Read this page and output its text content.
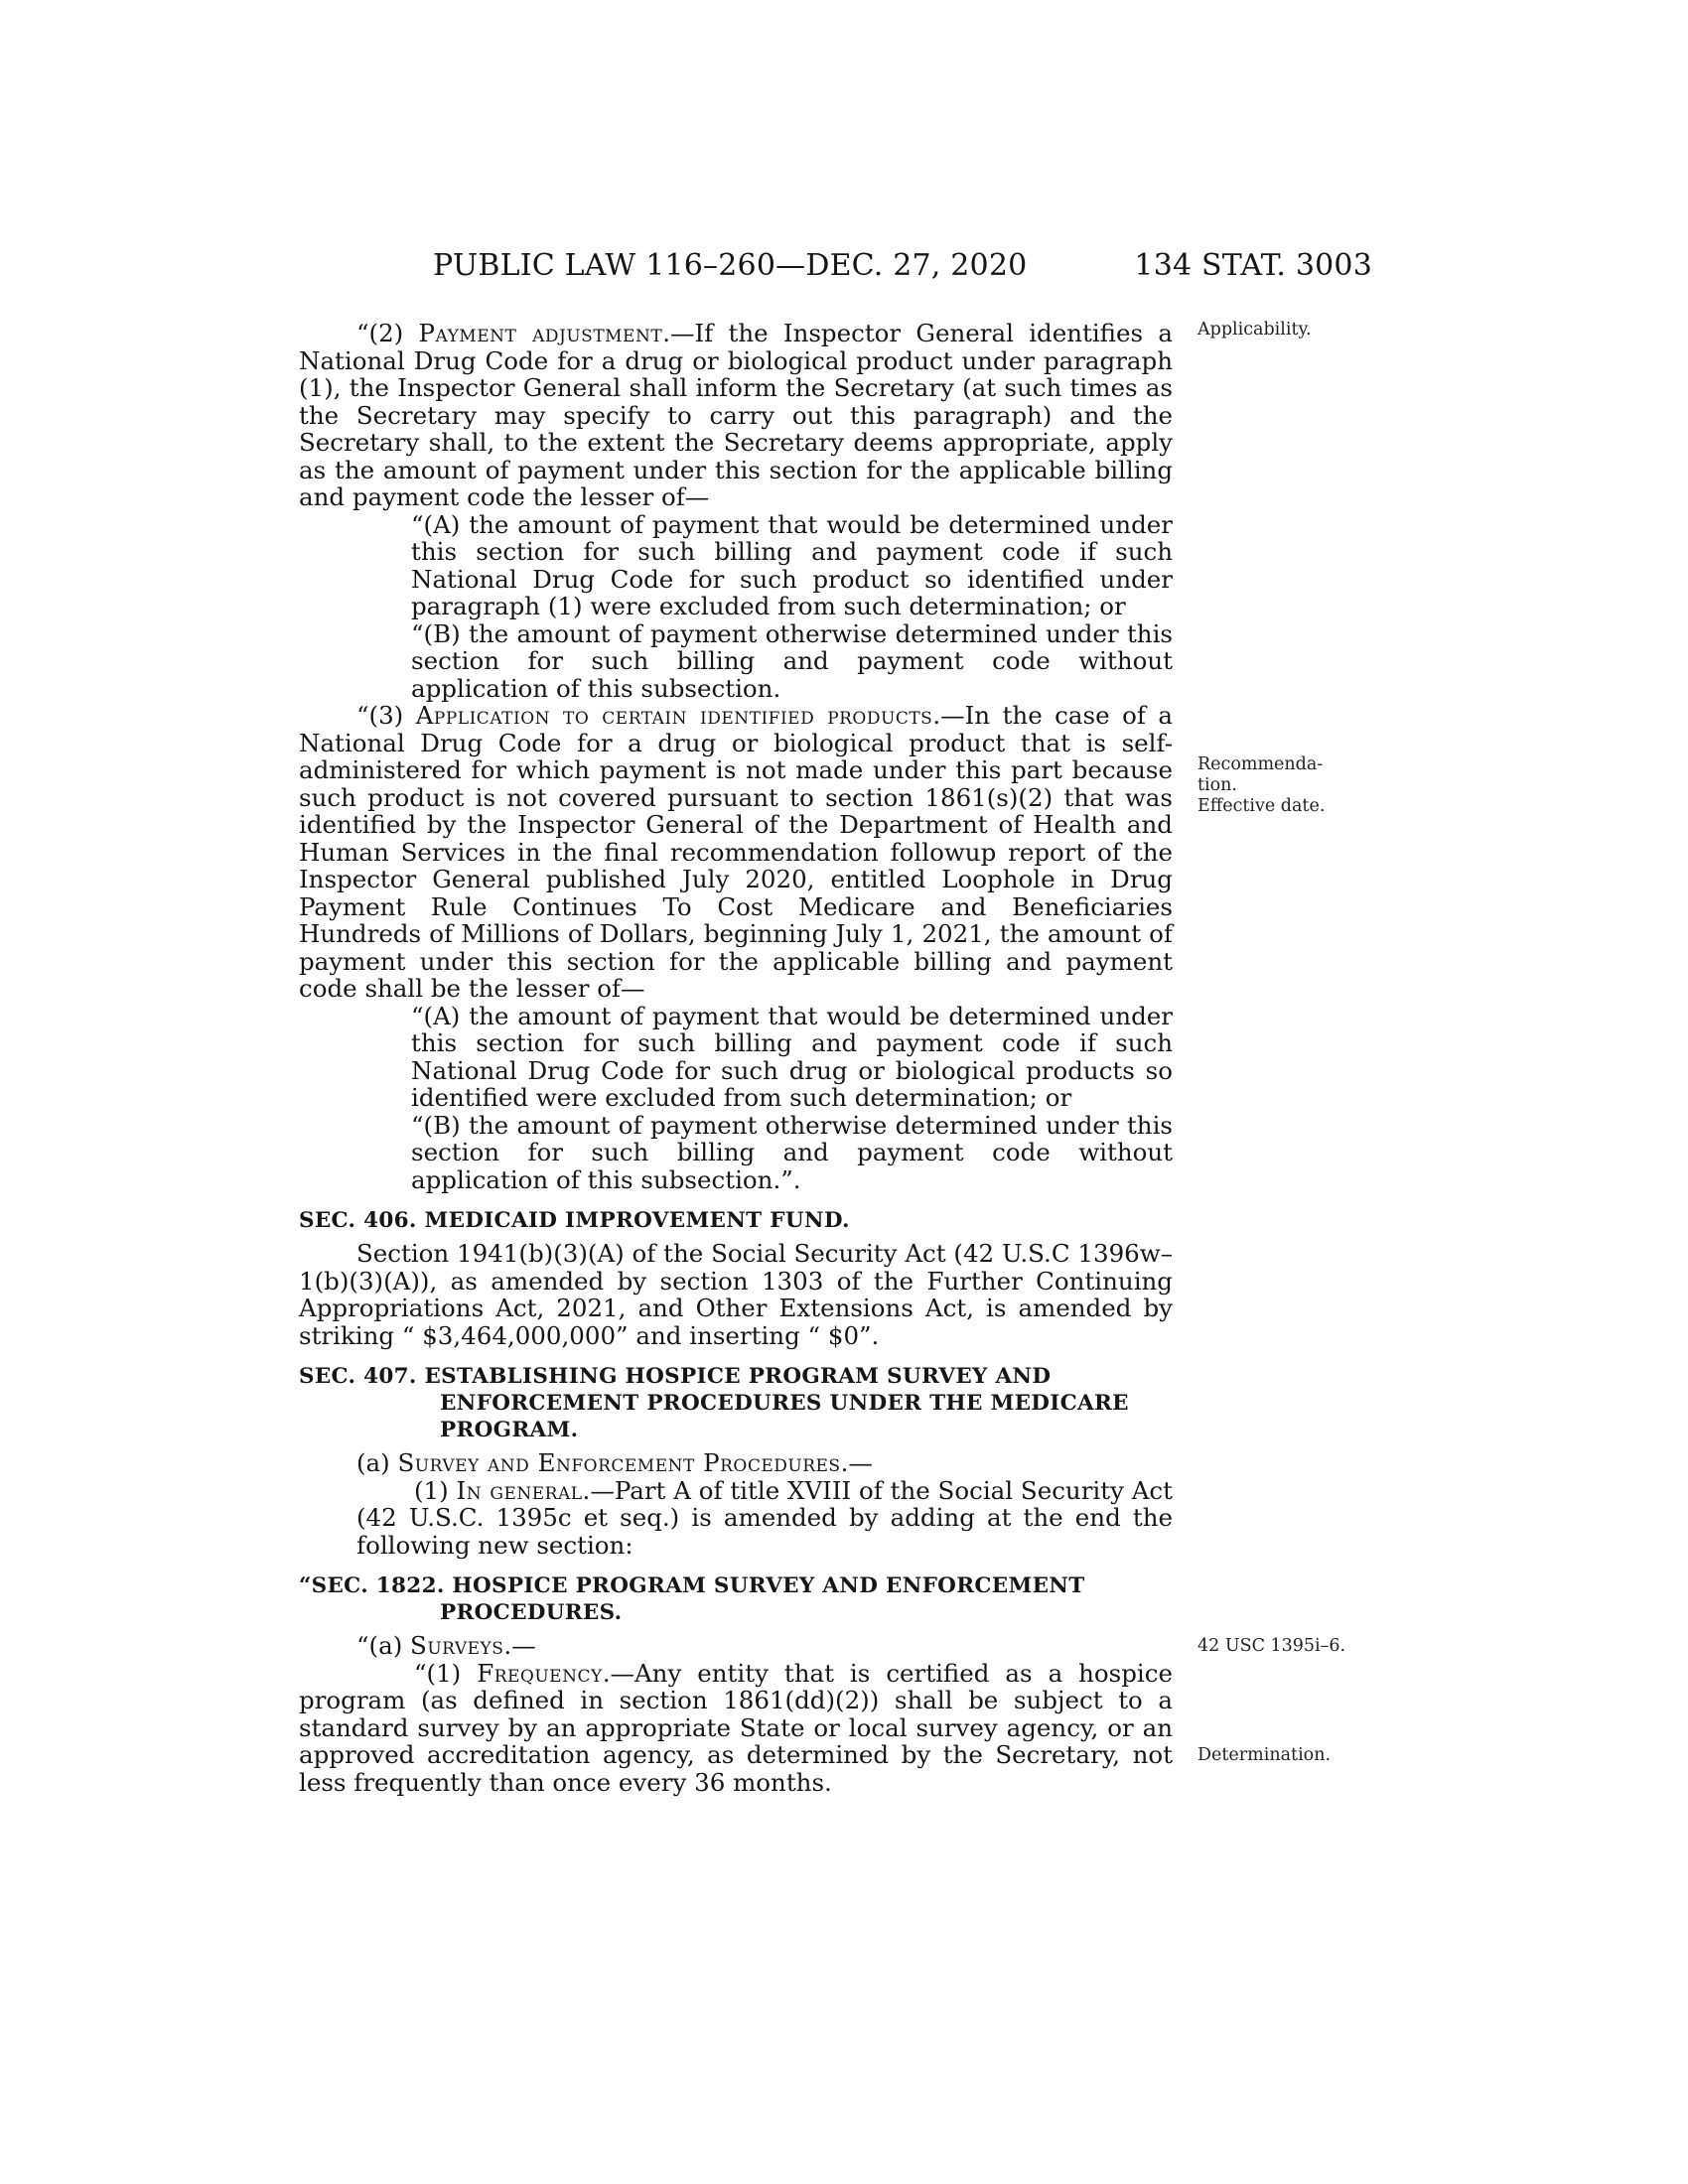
PUBLIC LAW 116–260—DEC. 27, 2020	134 STAT. 3003
Applicability.
Recommenda-
tion.
Effective date.
42 USC 1395i–6.
Determination.

“(2) Payment adjustment.—If the Inspector General identifies a National Drug Code for a drug or biological product under paragraph (1), the Inspector General shall inform the Secretary (at such times as the Secretary may specify to carry out this paragraph) and the Secretary shall, to the extent the Secretary deems appropriate, apply as the amount of payment under this section for the applicable billing and payment code the lesser of—

“(A) the amount of payment that would be determined under this section for such billing and payment code if such National Drug Code for such product so identified under paragraph (1) were excluded from such determination; or

“(B) the amount of payment otherwise determined under this section for such billing and payment code without application of this subsection.

“(3) Application to certain identified products.—In the case of a National Drug Code for a drug or biological product that is self-administered for which payment is not made under this part because such product is not covered pursuant to section 1861(s)(2) that was identified by the Inspector General of the Department of Health and Human Services in the final recommendation followup report of the Inspector General published July 2020, entitled Loophole in Drug Payment Rule Continues To Cost Medicare and Beneficiaries Hundreds of Millions of Dollars, beginning July 1, 2021, the amount of payment under this section for the applicable billing and payment code shall be the lesser of—

“(A) the amount of payment that would be determined under this section for such billing and payment code if such National Drug Code for such drug or biological products so identified were excluded from such determination; or

“(B) the amount of payment otherwise determined under this section for such billing and payment code without application of this subsection.”.

SEC. 406. MEDICAID IMPROVEMENT FUND.

Section 1941(b)(3)(A) of the Social Security Act (42 U.S.C 1396w–1(b)(3)(A)), as amended by section 1303 of the Further Continuing Appropriations Act, 2021, and Other Extensions Act, is amended by striking “ $3,464,000,000” and inserting “ $0”.

SEC. 407. ESTABLISHING HOSPICE PROGRAM SURVEY AND ENFORCEMENT PROCEDURES UNDER THE MEDICARE PROGRAM.

(a) Survey and Enforcement Procedures.—

(1) In general.—Part A of title XVIII of the Social Security Act (42 U.S.C. 1395c et seq.) is amended by adding at the end the following new section:

“SEC. 1822. HOSPICE PROGRAM SURVEY AND ENFORCEMENT PROCEDURES.

“(a) Surveys.—

“(1) Frequency.—Any entity that is certified as a hospice program (as defined in section 1861(dd)(2)) shall be subject to a standard survey by an appropriate State or local survey agency, or an approved accreditation agency, as determined by the Secretary, not less frequently than once every 36 months.
